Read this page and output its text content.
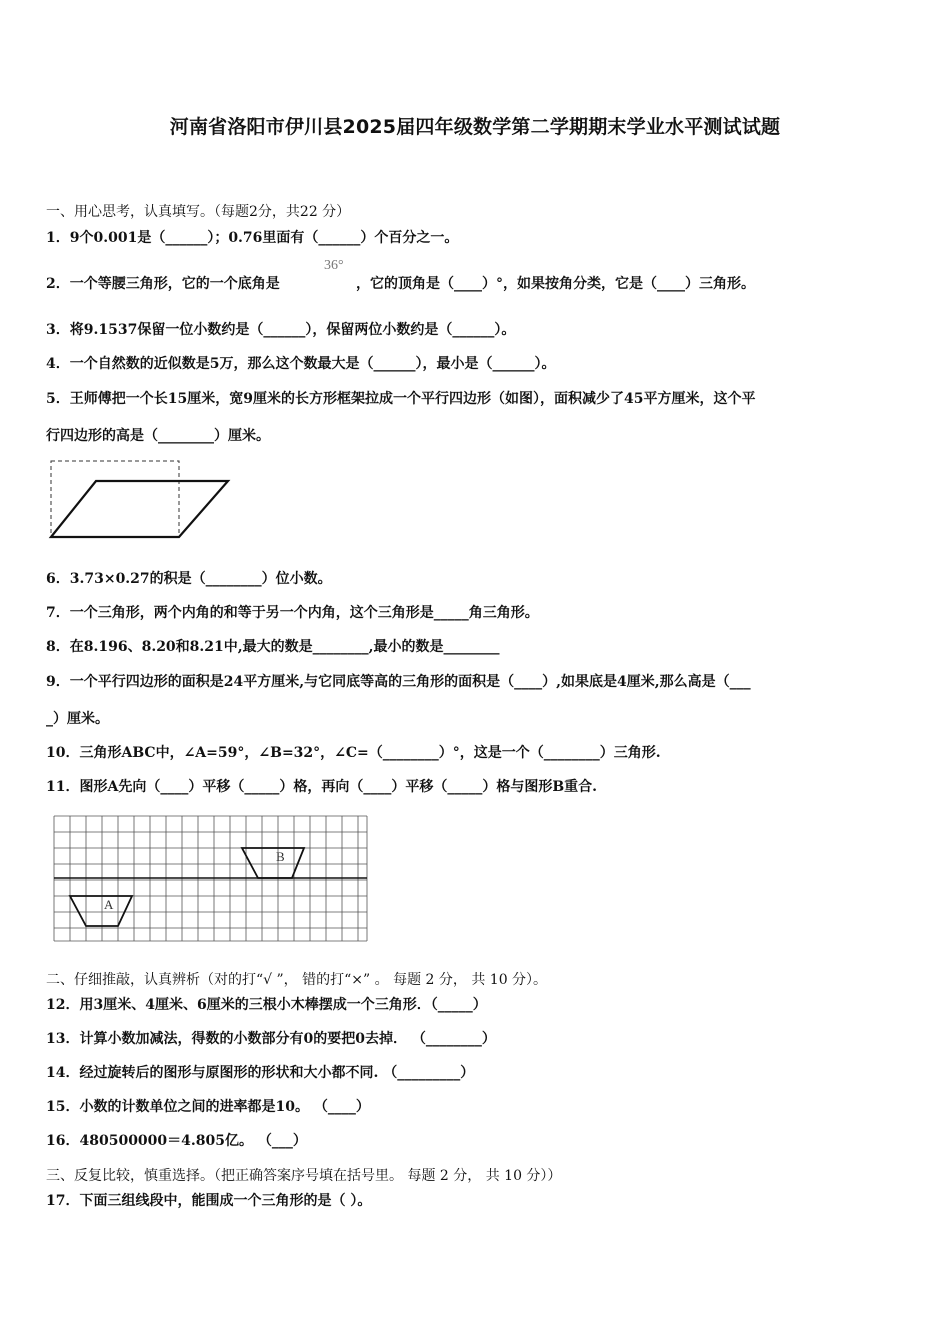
河南省洛阳市伊川县2025届四年级数学第二学期期末学业水平测试试题
一、用心思考，认真填写。（每题2分，共22 分）
1．9个0.001是（______）；0.76里面有（______）个百分之一。
2．一个等腰三角形，它的一个底角是
36°
，它的顶角是（____）°，如果按角分类，它是（____）三角形。
3．将9.1537保留一位小数约是（______），保留两位小数约是（______）。
4．一个自然数的近似数是5万，那么这个数最大是（______），最小是（______）。
5．王师傅把一个长15厘米，宽9厘米的长方形框架拉成一个平行四边形（如图），面积减少了45平方厘米，这个平
行四边形的高是（________）厘米。
6．3.73×0.27的积是（________）位小数。
7．一个三角形，两个内角的和等于另一个内角，这个三角形是_____角三角形。
8．在8.196、8.20和8.21中,最大的数是________,最小的数是________
9．一个平行四边形的面积是24平方厘米,与它同底等高的三角形的面积是（____）,如果底是4厘米,那么高是（___
_）厘米。
10．三角形ABC中，∠A=59°，∠B=32°，∠C=（________）°，这是一个（________）三角形.
11．图形A先向（____）平移（_____）格，再向（____）平移（_____）格与图形B重合.
A
B
二、仔细推敲，认真辨析（对的打“√ ”， 错的打“×” 。 每题 2 分， 共 10 分）。
12．用3厘米、4厘米、6厘米的三根小木棒摆成一个三角形．（_____）
13．计算小数加减法，得数的小数部分有0的要把0去掉． （________）
14．经过旋转后的图形与原图形的形状和大小都不同. （_________）
15．小数的计数单位之间的进率都是10。 （____）
16．480500000＝4.805亿。 （___）
三、反复比较，慎重选择。（把正确答案序号填在括号里。 每题 2 分， 共 10 分））
17．下面三组线段中，能围成一个三角形的是（ ）。
